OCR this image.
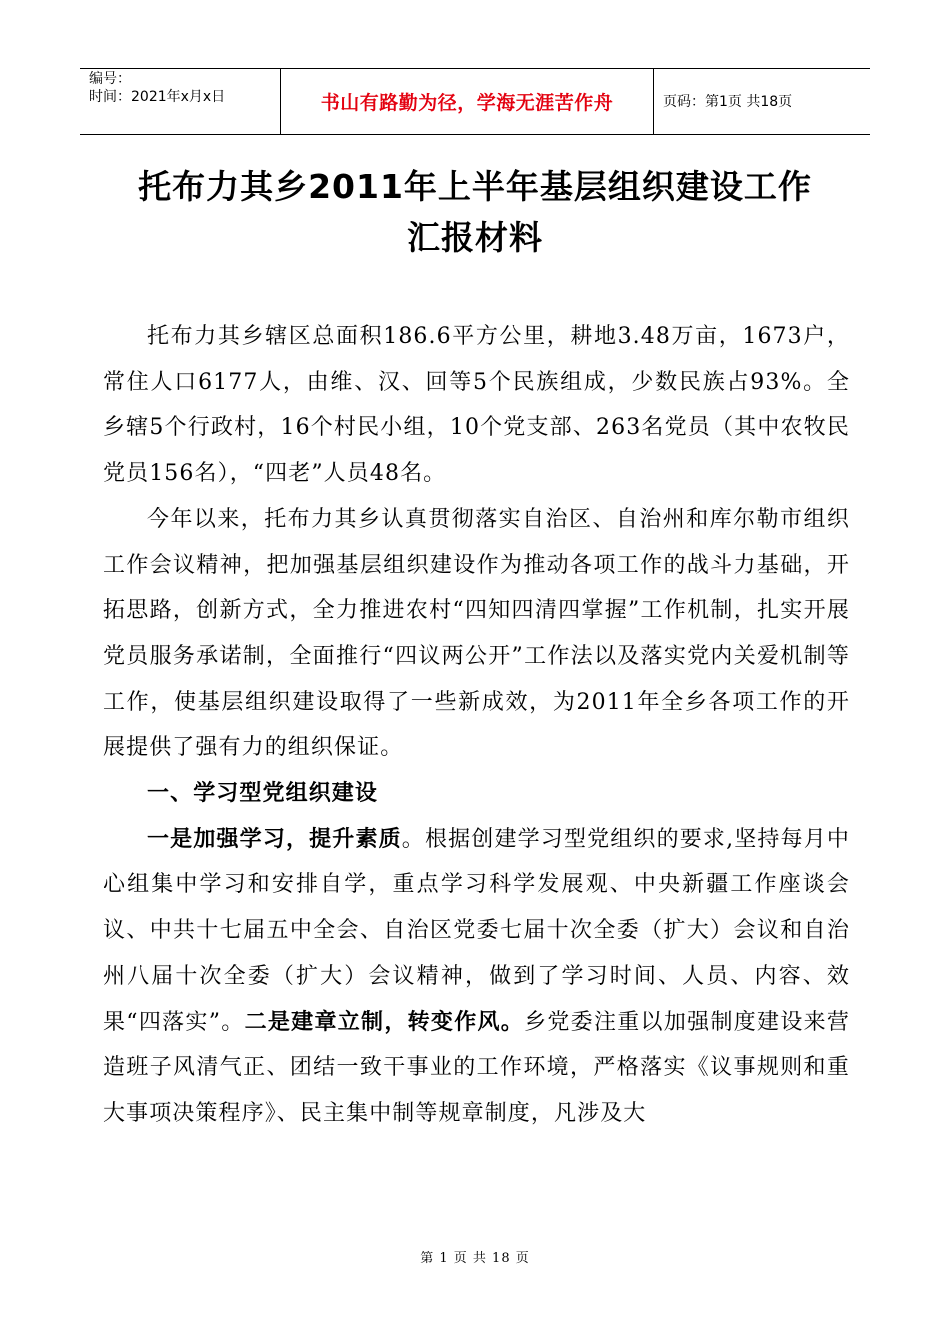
编号：
时间：2021年x月x日	书山有路勤为径，学海无涯苦作舟	页码：第1页 共18页
托布力其乡2011年上半年基层组织建设工作
汇报材料

托布力其乡辖区总面积186.6平方公里，耕地3.48万亩，1673户，常住人口6177人，由维、汉、回等5个民族组成，少数民族占93%。全乡辖5个行政村，16个村民小组，10个党支部、263名党员（其中农牧民党员156名），“四老”人员48名。

今年以来，托布力其乡认真贯彻落实自治区、自治州和库尔勒市组织工作会议精神，把加强基层组织建设作为推动各项工作的战斗力基础，开拓思路，创新方式，全力推进农村“四知四清四掌握”工作机制，扎实开展党员服务承诺制，全面推行“四议两公开”工作法以及落实党内关爱机制等工作，使基层组织建设取得了一些新成效，为2011年全乡各项工作的开展提供了强有力的组织保证。

一、学习型党组织建设

一是加强学习，提升素质。根据创建学习型党组织的要求,坚持每月中心组集中学习和安排自学，重点学习科学发展观、中央新疆工作座谈会议、中共十七届五中全会、自治区党委七届十次全委（扩大）会议和自治州八届十次全委（扩大）会议精神，做到了学习时间、人员、内容、效果“四落实”。二是建章立制，转变作风。乡党委注重以加强制度建设来营造班子风清气正、团结一致干事业的工作环境，严格落实《议事规则和重大事项决策程序》、民主集中制等规章制度，凡涉及大

第 1 页 共 18 页
